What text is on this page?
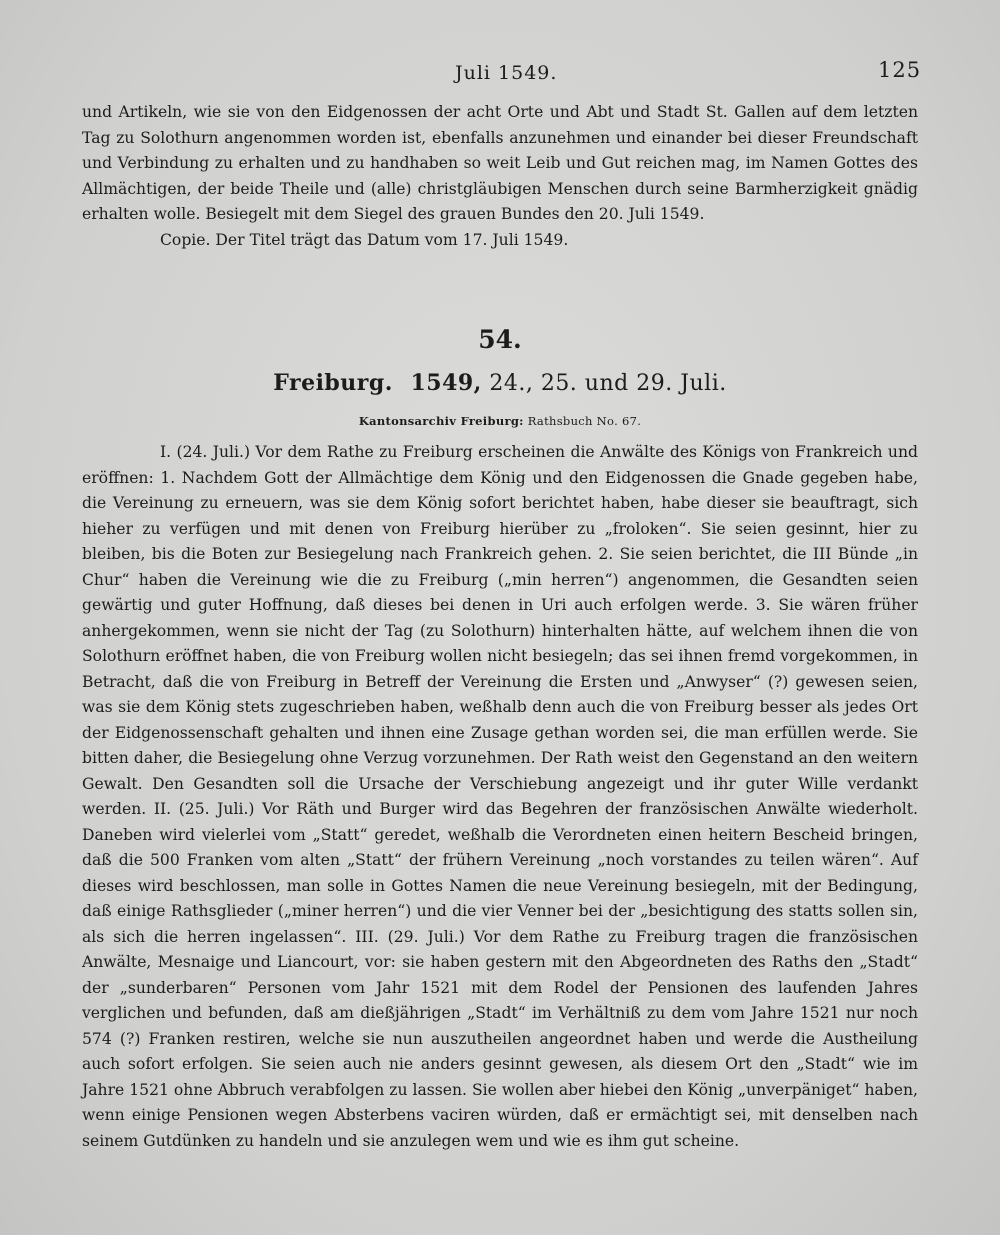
Juli 1549.	125

und Artikeln, wie sie von den Eidgenossen der acht Orte und Abt und Stadt St. Gallen auf dem letzten Tag zu Solothurn angenommen worden ist, ebenfalls anzunehmen und einander bei dieser Freundschaft und Verbindung zu erhalten und zu handhaben so weit Leib und Gut reichen mag, im Namen Gottes des Allmächtigen, der beide Theile und (alle) christgläubigen Menschen durch seine Barmherzigkeit gnädig erhalten wolle. Besiegelt mit dem Siegel des grauen Bundes den 20. Juli 1549.

Copie. Der Titel trägt das Datum vom 17. Juli 1549.

54.
Freiburg. 1549, 24., 25. und 29. Juli.
Kantonsarchiv Freiburg: Rathsbuch No. 67.

I. (24. Juli.) Vor dem Rathe zu Freiburg erscheinen die Anwälte des Königs von Frankreich und eröffnen: 1. Nachdem Gott der Allmächtige dem König und den Eidgenossen die Gnade gegeben habe, die Vereinung zu erneuern, was sie dem König sofort berichtet haben, habe dieser sie beauftragt, sich hieher zu verfügen und mit denen von Freiburg hierüber zu „froloken“. Sie seien gesinnt, hier zu bleiben, bis die Boten zur Besiegelung nach Frankreich gehen. 2. Sie seien berichtet, die III Bünde „in Chur“ haben die Vereinung wie die zu Freiburg („min herren“) angenommen, die Gesandten seien gewärtig und guter Hoffnung, daß dieses bei denen in Uri auch erfolgen werde. 3. Sie wären früher anhergekommen, wenn sie nicht der Tag (zu Solothurn) hinterhalten hätte, auf welchem ihnen die von Solothurn eröffnet haben, die von Freiburg wollen nicht besiegeln; das sei ihnen fremd vorgekommen, in Betracht, daß die von Freiburg in Betreff der Vereinung die Ersten und „Anwyser“ (?) gewesen seien, was sie dem König stets zugeschrieben haben, weßhalb denn auch die von Freiburg besser als jedes Ort der Eidgenossenschaft gehalten und ihnen eine Zusage gethan worden sei, die man erfüllen werde. Sie bitten daher, die Besiegelung ohne Verzug vorzunehmen. Der Rath weist den Gegenstand an den weitern Gewalt. Den Gesandten soll die Ursache der Verschiebung angezeigt und ihr guter Wille verdankt werden. II. (25. Juli.) Vor Räth und Burger wird das Begehren der französischen Anwälte wiederholt. Daneben wird vielerlei vom „Statt“ geredet, weßhalb die Verordneten einen heitern Bescheid bringen, daß die 500 Franken vom alten „Statt“ der frühern Vereinung „noch vorstandes zu teilen wären“. Auf dieses wird beschlossen, man solle in Gottes Namen die neue Vereinung besiegeln, mit der Bedingung, daß einige Rathsglieder („miner herren“) und die vier Venner bei der „besichtigung des statts sollen sin, als sich die herren ingelassen“. III. (29. Juli.) Vor dem Rathe zu Freiburg tragen die französischen Anwälte, Mesnaige und Liancourt, vor: sie haben gestern mit den Abgeordneten des Raths den „Stadt“ der „sunderbaren“ Personen vom Jahr 1521 mit dem Rodel der Pensionen des laufenden Jahres verglichen und befunden, daß am dießjährigen „Stadt“ im Verhältniß zu dem vom Jahre 1521 nur noch 574 (?) Franken restiren, welche sie nun auszutheilen angeordnet haben und werde die Austheilung auch sofort erfolgen. Sie seien auch nie anders gesinnt gewesen, als diesem Ort den „Stadt“ wie im Jahre 1521 ohne Abbruch verabfolgen zu lassen. Sie wollen aber hiebei den König „unverpäniget“ haben, wenn einige Pensionen wegen Absterbens vaciren würden, daß er ermächtigt sei, mit denselben nach seinem Gutdünken zu handeln und sie anzulegen wem und wie es ihm gut scheine.
